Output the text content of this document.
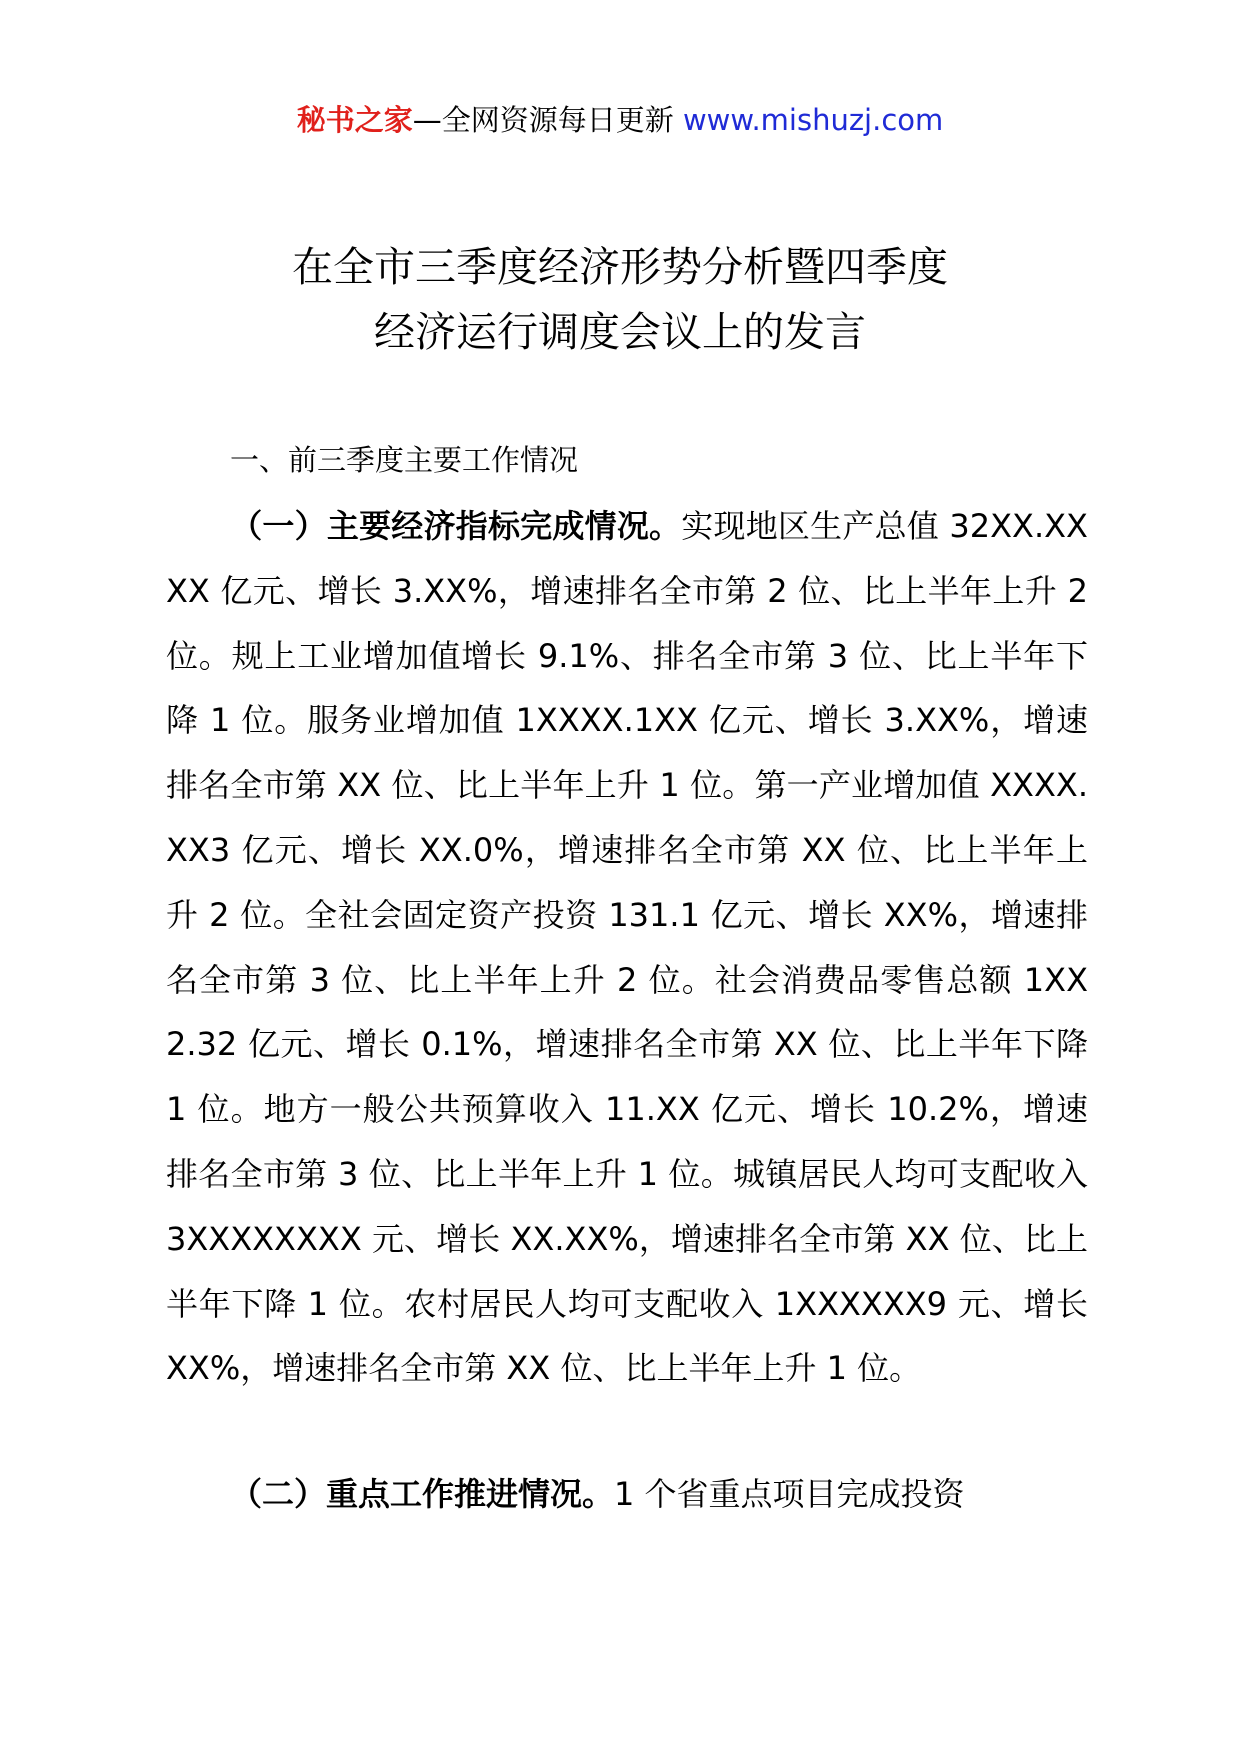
秘书之家—全网资源每日更新 www.mishuzj.com
在全市三季度经济形势分析暨四季度
经济运行调度会议上的发言
一、前三季度主要工作情况

（一）主要经济指标完成情况。实现地区生产总值 32XX.XXXX 亿元、增长 3.XX%，增速排名全市第 2 位、比上半年上升 2 位。规上工业增加值增长 9.1%、排名全市第 3 位、比上半年下降 1 位。服务业增加值 1XXXX.1XX 亿元、增长 3.XX%，增速排名全市第 XX 位、比上半年上升 1 位。第一产业增加值 XXXX.XX3 亿元、增长 XX.0%，增速排名全市第 XX 位、比上半年上升 2 位。全社会固定资产投资 131.1 亿元、增长 XX%，增速排名全市第 3 位、比上半年上升 2 位。社会消费品零售总额 1XX2.32 亿元、增长 0.1%，增速排名全市第 XX 位、比上半年下降 1 位。地方一般公共预算收入 11.XX 亿元、增长 10.2%，增速排名全市第 3 位、比上半年上升 1 位。城镇居民人均可支配收入 3XXXXXXXX 元、增长 XX.XX%，增速排名全市第 XX 位、比上半年下降 1 位。农村居民人均可支配收入 1XXXXXX9 元、增长 XX%，增速排名全市第 XX 位、比上半年上升 1 位。

（二）重点工作推进情况。1 个省重点项目完成投资
